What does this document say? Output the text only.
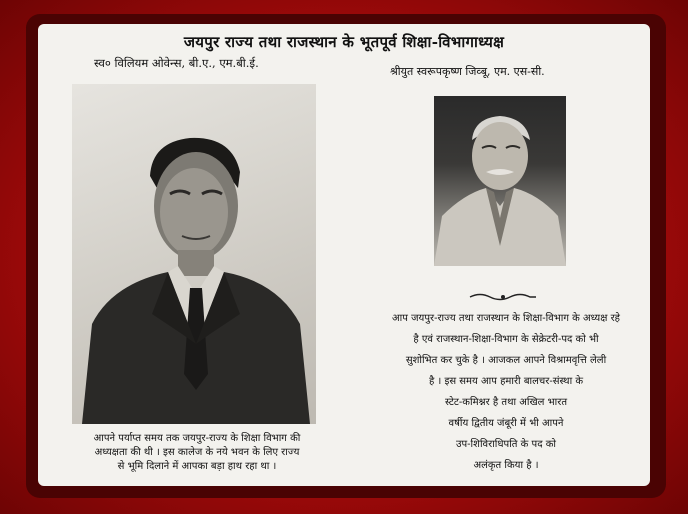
जयपुर राज्य तथा राजस्थान के भूतपूर्व शिक्षा-विभागाध्यक्ष
स्व० विलियम ओवेन्स, बी.ए., एम.बी.ई.
श्रीयुत स्वरूपकृष्ण जिव्बू, एम. एस-सी.
आपने पर्याप्त समय तक जयपुर-राज्य के शिक्षा विभाग की
अध्यक्षता की थी । इस कालेज के नये भवन के लिए राज्य
से भूमि दिलाने में आपका बड़ा हाथ रहा था ।
आप जयपुर-राज्य तथा राजस्थान के शिक्षा-विभाग के अध्यक्ष रहे
है एवं राजस्थान-शिक्षा-विभाग के सेक्रेटरी-पद को भी
सुशोभित कर चुके है । आजकल आपने विश्रामवृत्ति लेली
है । इस समय आप हमारी बालचर-संस्था के
स्टेट-कमिश्नर है तथा अखिल भारत
वर्षीय द्वितीय जंबूरी में भी आपने
उप-शिविराधिपति के पद को
अलंकृत किया है ।
